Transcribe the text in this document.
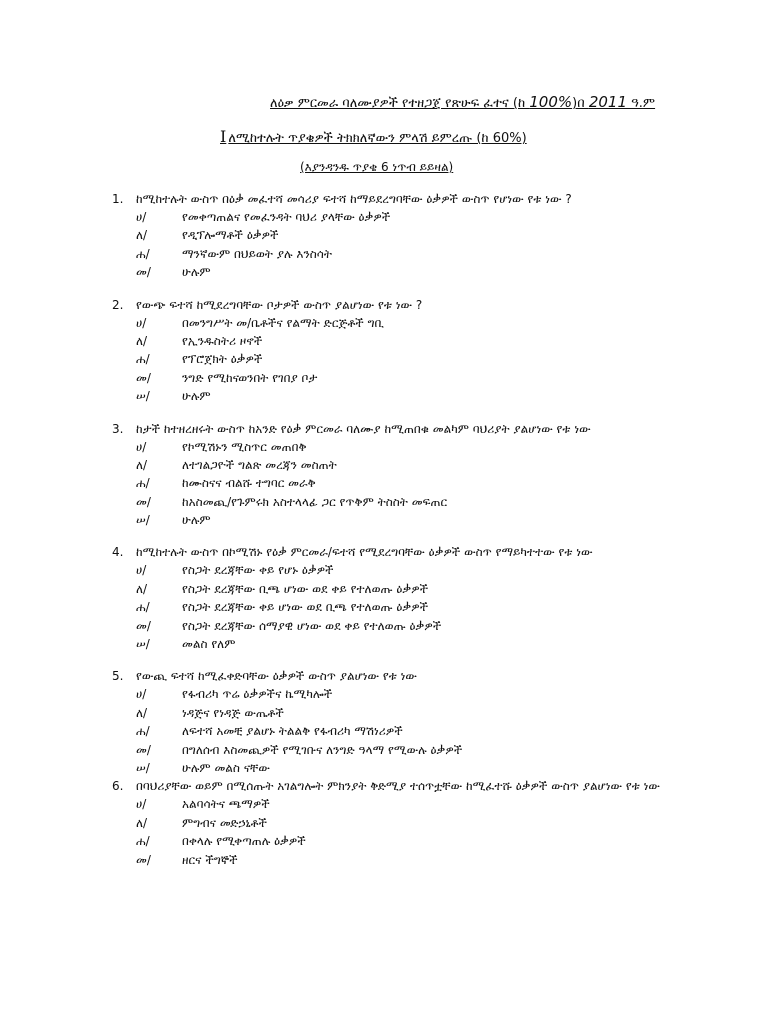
ለዕቃ ምርመራ ባለሙያዎች የተዘጋጀ የጽሁፍ ፈተና (ከ 100%)በ 2011 ዓ.ም
I ለሚከተሉት ጥያቄዎች ትክክለኛውን ምላሽ ይምረጡ (ከ 60%)
(እያንዳንዱ ጥያቄ 6 ነጥብ ይይዛል)
1. ከሚከተሉት ውስጥ በዕቃ መፈተሻ መሳሪያ ፍተሻ ከማይደረግባቸው ዕቃዎች ውስጥ የሆነው የቱ ነው ?
ሀ/	የመቀጣጠልና የመፈንዳት ባህሪ ያላቸው ዕቃዎች
ለ/	የዲፕሎማቶች ዕቃዎች
ሐ/	ማንኛውም በህይወት ያሉ እንስሳት
መ/	ሁሉም
2. የውጭ ፍተሻ ከሚደረግባቸው ቦታዎች ውስጥ ያልሆነው የቱ ነው ?
ሀ/	በመንግሥት መ/ቤቶችና የልማት ድርጅቶች ግቢ
ለ/	የኢንዱስትሪ ዞኖች
ሐ/	የፕሮጀክት ዕቃዎች
መ/	ንግድ የሚከናወንበት የገበያ ቦታ
ሠ/	ሁሉም
3. ከታች ከተዘረዘሩት ውስጥ ከአንድ የዕቃ ምርመራ ባለሙያ ከሚጠበቁ መልካም ባህሪያት ያልሆነው የቱ ነው
ሀ/	የኮሚሽኑን ሚስጥር መጠበቅ
ለ/	ለተገልጋዮች ግልጽ መረጃን መስጠት
ሐ/	ከሙስናና ብልሹ ተግባር መራቅ
መ/	ከአስመጪ/የጉምሩክ አስተላላፊ ጋር የጥቅም ትስስት መፍጠር
ሠ/	ሁሉም
4. ከሚከተሉት ውስጥ በኮሚሽኑ የዕቃ ምርመራ/ፍተሻ የሚደረግባቸው ዕቃዎች ውስጥ የማይካተተው የቱ ነው
ሀ/	የስጋት ደረጃቸው ቀይ የሆኑ ዕቃዎች
ለ/	የስጋት ደረጃቸው ቢጫ ሆነው ወደ ቀይ የተለወጡ ዕቃዎች
ሐ/	የስጋት ደረጃቸው ቀይ ሆነው ወደ ቢጫ የተለወጡ ዕቃዎች
መ/	የስጋት ደረጃቸው ሰማያዊ ሆነው ወደ ቀይ የተለወጡ ዕቃዎች
ሠ/	መልስ የለም
5. የውጪ ፍተሻ ከሚፈቀድባቸው ዕቃዎች ውስጥ ያልሆነው የቱ ነው
ሀ/	የፋብሪካ ጥሬ ዕቃዎችና ኬሚካሎች
ለ/	ነዳጅና የነዳጅ ውጤቶች
ሐ/	ለፍተሻ አመቺ ያልሆኑ ትልልቅ የፋብሪካ ማሽነሪዎች
መ/	በግለሰብ እስመጪዎች የሚገቡና ለንግድ ዓላማ የሚውሉ ዕቃዎች
ሠ/	ሁሉም መልስ ናቸው
6. በባህሪያቸው ወይም በሚሰጡት አገልግሎት ምክንያት ቅድሚያ ተሰጥቷቸው ከሚፈተሹ ዕቃዎች ውስጥ ያልሆነው የቱ ነው
ሀ/	አልባሳትና ጫማዎች
ለ/	ምግብና መድኃኒቶች
ሐ/	በቀላሉ የሚቀጣጠሉ ዕቃዎች
መ/	ዘርና ችግኞች
